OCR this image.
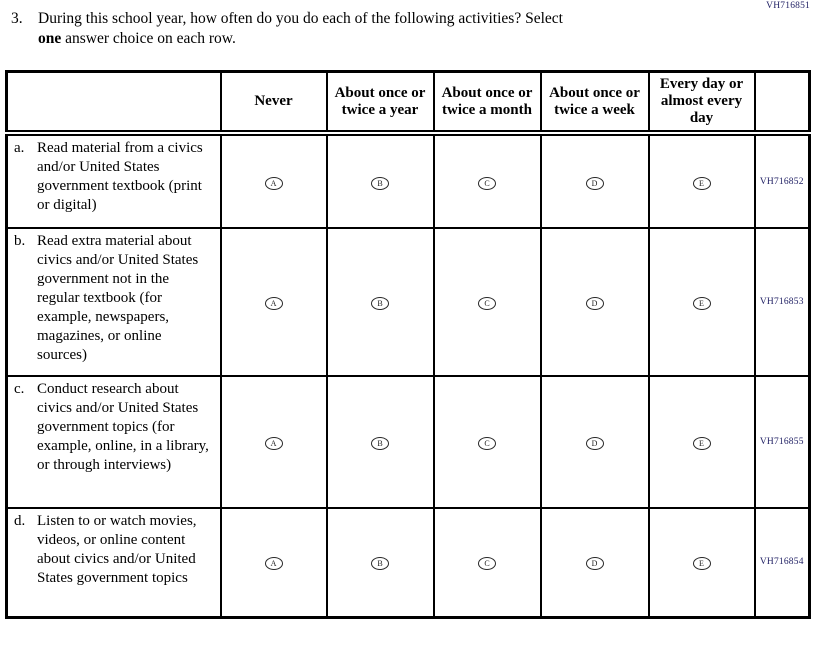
VH716851
3. During this school year, how often do you do each of the following activities? Select
one answer choice on each row.
	Never	About once or twice a year	About once or twice a month	About once or twice a week	Every day or almost every day	

a. Read material from a civics and/or United States government textbook (print or digital)	A	B	C	D	E	VH716852

b. Read extra material about civics and/or United States government not in the regular textbook (for example, newspapers, magazines, or online sources)	A	B	C	D	E	VH716853

c. Conduct research about civics and/or United States government topics (for example, online, in a library, or through interviews)	A	B	C	D	E	VH716855

d. Listen to or watch movies, videos, or online content about civics and/or United States government topics	A	B	C	D	E	VH716854
